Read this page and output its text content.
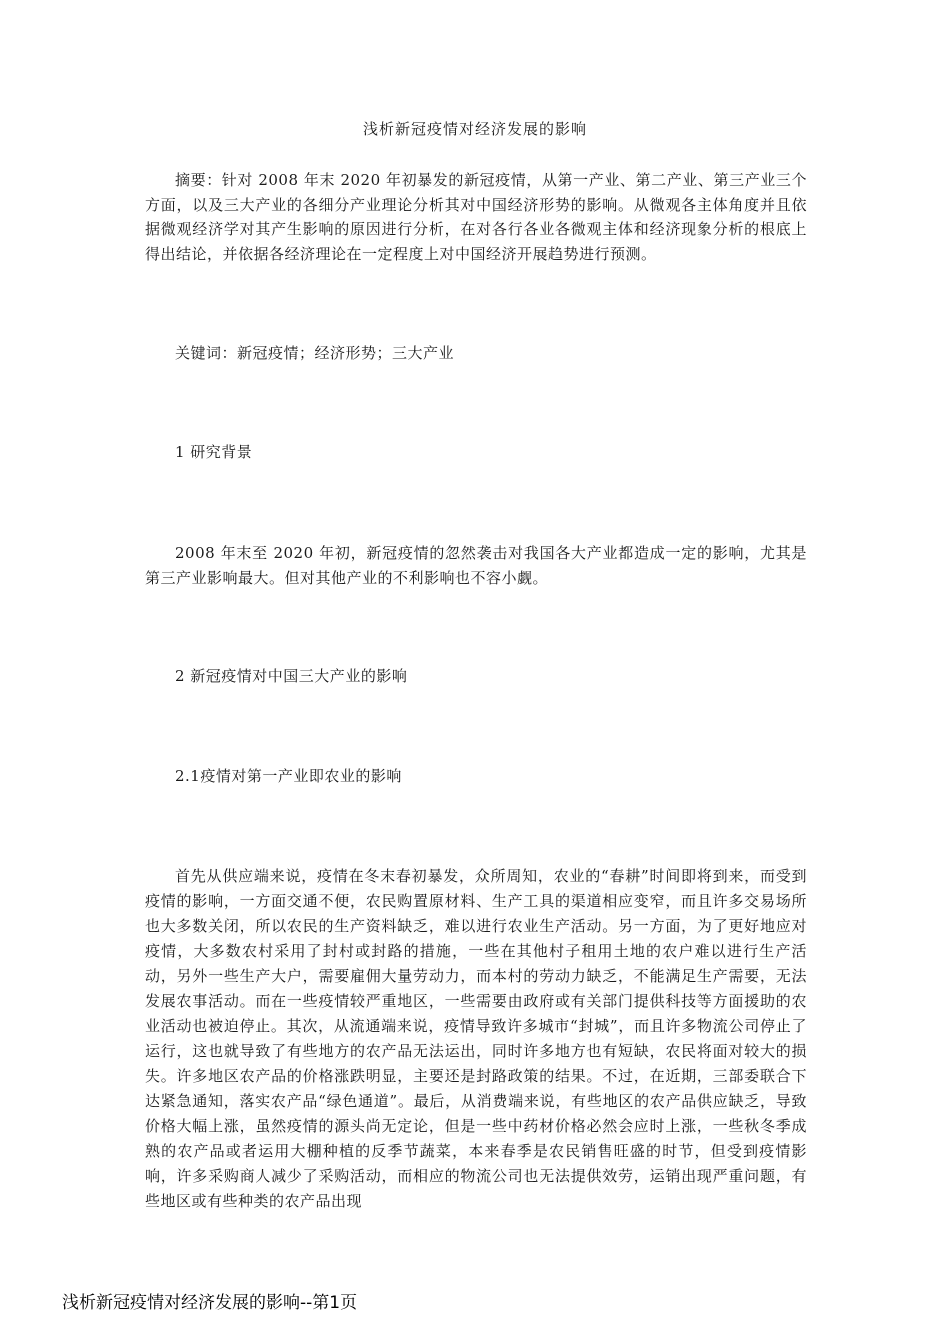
浅析新冠疫情对经济发展的影响
摘要：针对 2008 年末 2020 年初暴发的新冠疫情，从第一产业、第二产业、第三产业三个方面，以及三大产业的各细分产业理论分析其对中国经济形势的影响。从微观各主体角度并且依据微观经济学对其产生影响的原因进行分析，在对各行各业各微观主体和经济现象分析的根底上得出结论，并依据各经济理论在一定程度上对中国经济开展趋势进行预测。
关键词：新冠疫情；经济形势；三大产业
1 研究背景
2008 年末至 2020 年初，新冠疫情的忽然袭击对我国各大产业都造成一定的影响，尤其是第三产业影响最大。但对其他产业的不利影响也不容小觑。
2 新冠疫情对中国三大产业的影响
2.1疫情对第一产业即农业的影响
首先从供应端来说，疫情在冬末春初暴发，众所周知，农业的“春耕”时间即将到来，而受到疫情的影响，一方面交通不便，农民购置原材料、生产工具的渠道相应变窄，而且许多交易场所也大多数关闭，所以农民的生产资料缺乏，难以进行农业生产活动。另一方面，为了更好地应对疫情，大多数农村采用了封村或封路的措施，一些在其他村子租用土地的农户难以进行生产活动，另外一些生产大户，需要雇佣大量劳动力，而本村的劳动力缺乏，不能满足生产需要，无法发展农事活动。而在一些疫情较严重地区，一些需要由政府或有关部门提供科技等方面援助的农业活动也被迫停止。其次，从流通端来说，疫情导致许多城市“封城”，而且许多物流公司停止了运行，这也就导致了有些地方的农产品无法运出，同时许多地方也有短缺，农民将面对较大的损失。许多地区农产品的价格涨跌明显，主要还是封路政策的结果。不过，在近期，三部委联合下达紧急通知，落实农产品“绿色通道”。最后，从消费端来说，有些地区的农产品供应缺乏，导致价格大幅上涨，虽然疫情的源头尚无定论，但是一些中药材价格必然会应时上涨，一些秋冬季成熟的农产品或者运用大棚种植的反季节蔬菜，本来春季是农民销售旺盛的时节，但受到疫情影响，许多采购商人减少了采购活动，而相应的物流公司也无法提供效劳，运销出现严重问题，有些地区或有些种类的农产品出现
浅析新冠疫情对经济发展的影响--第1页
